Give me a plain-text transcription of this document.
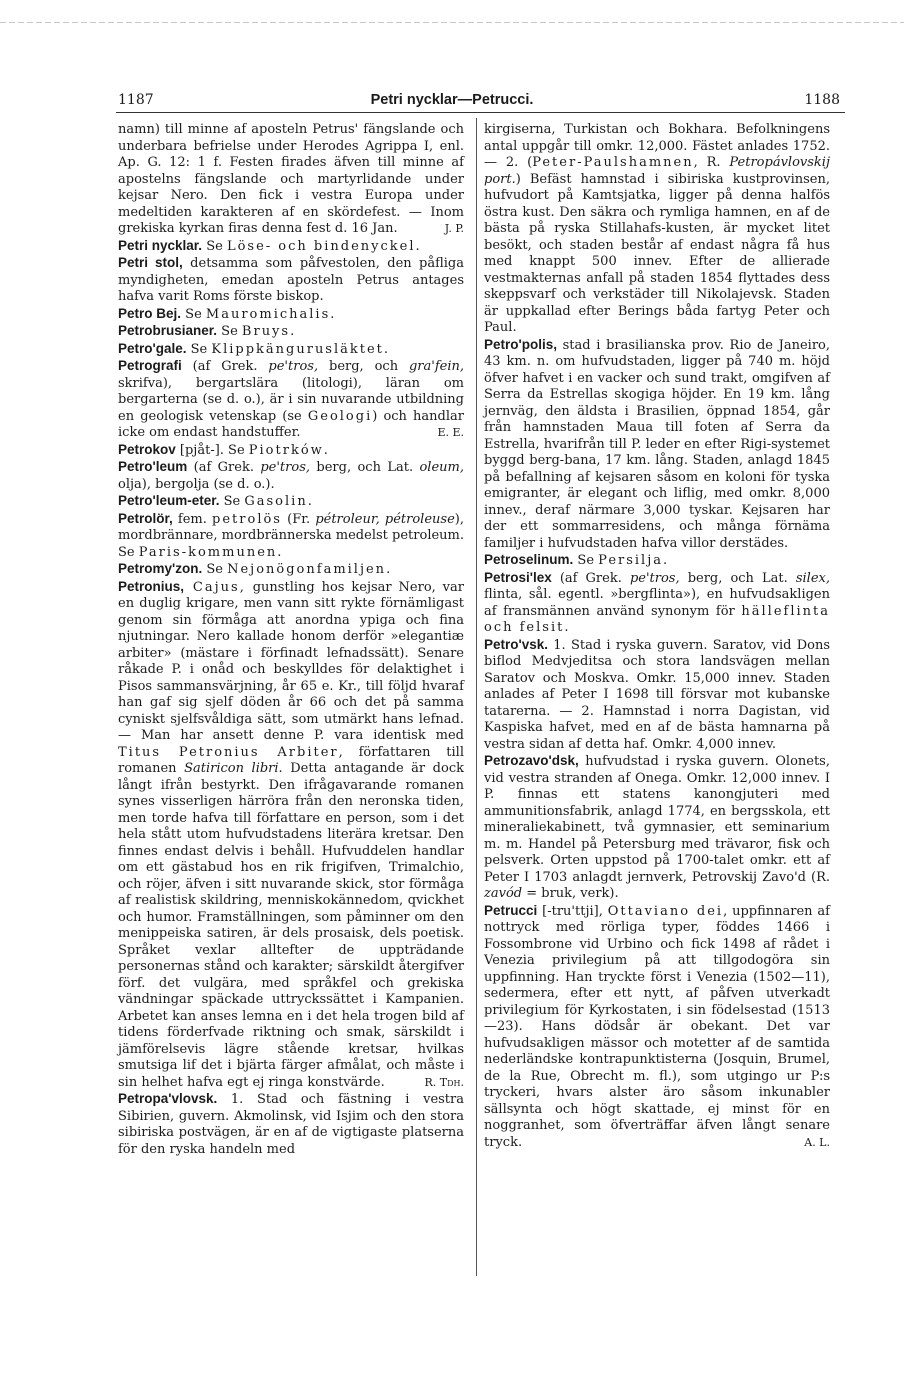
1187	Petri nycklar—Petrucci.	1188

namn) till minne af aposteln Petrus' fängslande och underbara befrielse under Herodes Agrippa I, enl. Ap. G. 12: 1 f. Festen firades äfven till minne af apostelns fängslande och martyrlidande under kejsar Nero. Den fick i vestra Europa under medeltiden karakteren af en skördefest. — Inom grekiska kyrkan firas denna fest d. 16 Jan.	J. P.

Petri nycklar. Se Löse- och bindenyckel.

Petri stol, detsamma som påfvestolen, den påfliga myndigheten, emedan aposteln Petrus antages hafva varit Roms förste biskop.

Petro Bej. Se Mauromichalis.

Petrobrusianer. Se Bruys.

Petro'gale. Se Klippkängurusläktet.

Petrografi (af Grek. pe'tros, berg, och gra'fein, skrifva), bergartslära (litologi), läran om bergarterna (se d. o.), är i sin nuvarande utbildning en geologisk vetenskap (se Geologi) och handlar icke om endast handstuffer.	E. E.

Petrokov [pjåt-]. Se Piotrków.

Petro'leum (af Grek. pe'tros, berg, och Lat. oleum, olja), bergolja (se d. o.).

Petro'leum-eter. Se Gasolin.

Petrolör, fem. petrolös (Fr. pétroleur, pétroleuse), mordbrännare, mordbrännerska medelst petroleum. Se Paris-kommunen.

Petromy'zon. Se Nejonögonfamiljen.

Petronius, Cajus, gunstling hos kejsar Nero, var en duglig krigare, men vann sitt rykte förnämligast genom sin förmåga att anordna ypiga och fina njutningar. Nero kallade honom derför »elegantiæ arbiter» (mästare i förfinadt lefnadssätt). Senare råkade P. i onåd och beskylldes för delaktighet i Pisos sammansvärjning, år 65 e. Kr., till följd hvaraf han gaf sig sjelf döden år 66 och det på samma cyniskt sjelfsvåldiga sätt, som utmärkt hans lefnad. — Man har ansett denne P. vara identisk med Titus Petronius Arbiter, författaren till romanen Satiricon libri. Detta antagande är dock långt ifrån bestyrkt. Den ifrågavarande romanen synes visserligen härröra från den neronska tiden, men torde hafva till författare en person, som i det hela stått utom hufvudstadens literära kretsar. Den finnes endast delvis i behåll. Hufvuddelen handlar om ett gästabud hos en rik frigifven, Trimalchio, och röjer, äfven i sitt nuvarande skick, stor förmåga af realistisk skildring, menniskokännedom, qvickhet och humor. Framställningen, som påminner om den menippeiska satiren, är dels prosaisk, dels poetisk. Språket vexlar alltefter de uppträdande personernas stånd och karakter; särskildt återgifver förf. det vulgära, med språkfel och grekiska vändningar späckade uttryckssättet i Kampanien. Arbetet kan anses lemna en i det hela trogen bild af tidens förderfvade riktning och smak, särskildt i jämförelsevis lägre stående kretsar, hvilkas smutsiga lif det i bjärta färger afmålat, och måste i sin helhet hafva egt ej ringa konstvärde.	R. Tdh.

Petropa'vlovsk. 1. Stad och fästning i vestra Sibirien, guvern. Akmolinsk, vid Isjim och den stora sibiriska postvägen, är en af de vigtigaste platserna för den ryska handeln med

kirgiserna, Turkistan och Bokhara. Befolkningens antal uppgår till omkr. 12,000. Fästet anlades 1752. — 2. (Peter-Paulshamnen, R. Petropávlovskij port.) Befäst hamnstad i sibiriska kustprovinsen, hufvudort på Kamtsjatka, ligger på denna halfös östra kust. Den säkra och rymliga hamnen, en af de bästa på ryska Stillahafs-kusten, är mycket litet besökt, och staden består af endast några få hus med knappt 500 innev. Efter de allierade vestmakternas anfall på staden 1854 flyttades dess skeppsvarf och verkstäder till Nikolajevsk. Staden är uppkallad efter Berings båda fartyg Peter och Paul.

Petro'polis, stad i brasilianska prov. Rio de Janeiro, 43 km. n. om hufvudstaden, ligger på 740 m. höjd öfver hafvet i en vacker och sund trakt, omgifven af Serra da Estrellas skogiga höjder. En 19 km. lång jernväg, den äldsta i Brasilien, öppnad 1854, går från hamnstaden Maua till foten af Serra da Estrella, hvarifrån till P. leder en efter Rigi-systemet byggd berg-bana, 17 km. lång. Staden, anlagd 1845 på befallning af kejsaren såsom en koloni för tyska emigranter, är elegant och liflig, med omkr. 8,000 innev., deraf närmare 3,000 tyskar. Kejsaren har der ett sommarresidens, och många förnäma familjer i hufvudstaden hafva villor derstädes.

Petroselinum. Se Persilja.

Petrosi'lex (af Grek. pe'tros, berg, och Lat. silex, flinta, sål. egentl. »bergflinta»), en hufvudsakligen af fransmännen använd synonym för hälleflinta och felsit.

Petro'vsk. 1. Stad i ryska guvern. Saratov, vid Dons biflod Medvjeditsa och stora landsvägen mellan Saratov och Moskva. Omkr. 15,000 innev. Staden anlades af Peter I 1698 till försvar mot kubanske tatarerna. — 2. Hamnstad i norra Dagistan, vid Kaspiska hafvet, med en af de bästa hamnarna på vestra sidan af detta haf. Omkr. 4,000 innev.

Petrozavo'dsk, hufvudstad i ryska guvern. Olonets, vid vestra stranden af Onega. Omkr. 12,000 innev. I P. finnas ett statens kanongjuteri med ammunitionsfabrik, anlagd 1774, en bergsskola, ett mineraliekabinett, två gymnasier, ett seminarium m. m. Handel på Petersburg med trävaror, fisk och pelsverk. Orten uppstod på 1700-talet omkr. ett af Peter I 1703 anlagdt jernverk, Petrovskij Zavo'd (R. zavód = bruk, verk).

Petrucci [-tru'ttji], Ottaviano dei, uppfinnaren af nottryck med rörliga typer, föddes 1466 i Fossombrone vid Urbino och fick 1498 af rådet i Venezia privilegium på att tillgodogöra sin uppfinning. Han tryckte först i Venezia (1502—11), sedermera, efter ett nytt, af påfven utverkadt privilegium för Kyrkostaten, i sin födelsestad (1513—23). Hans dödsår är obekant. Det var hufvudsakligen mässor och motetter af de samtida nederländske kontrapunktisterna (Josquin, Brumel, de la Rue, Obrecht m. fl.), som utgingo ur P:s tryckeri, hvars alster äro såsom inkunabler sällsynta och högt skattade, ej minst för en noggranhet, som öfverträffar äfven långt senare tryck.	A. L.
